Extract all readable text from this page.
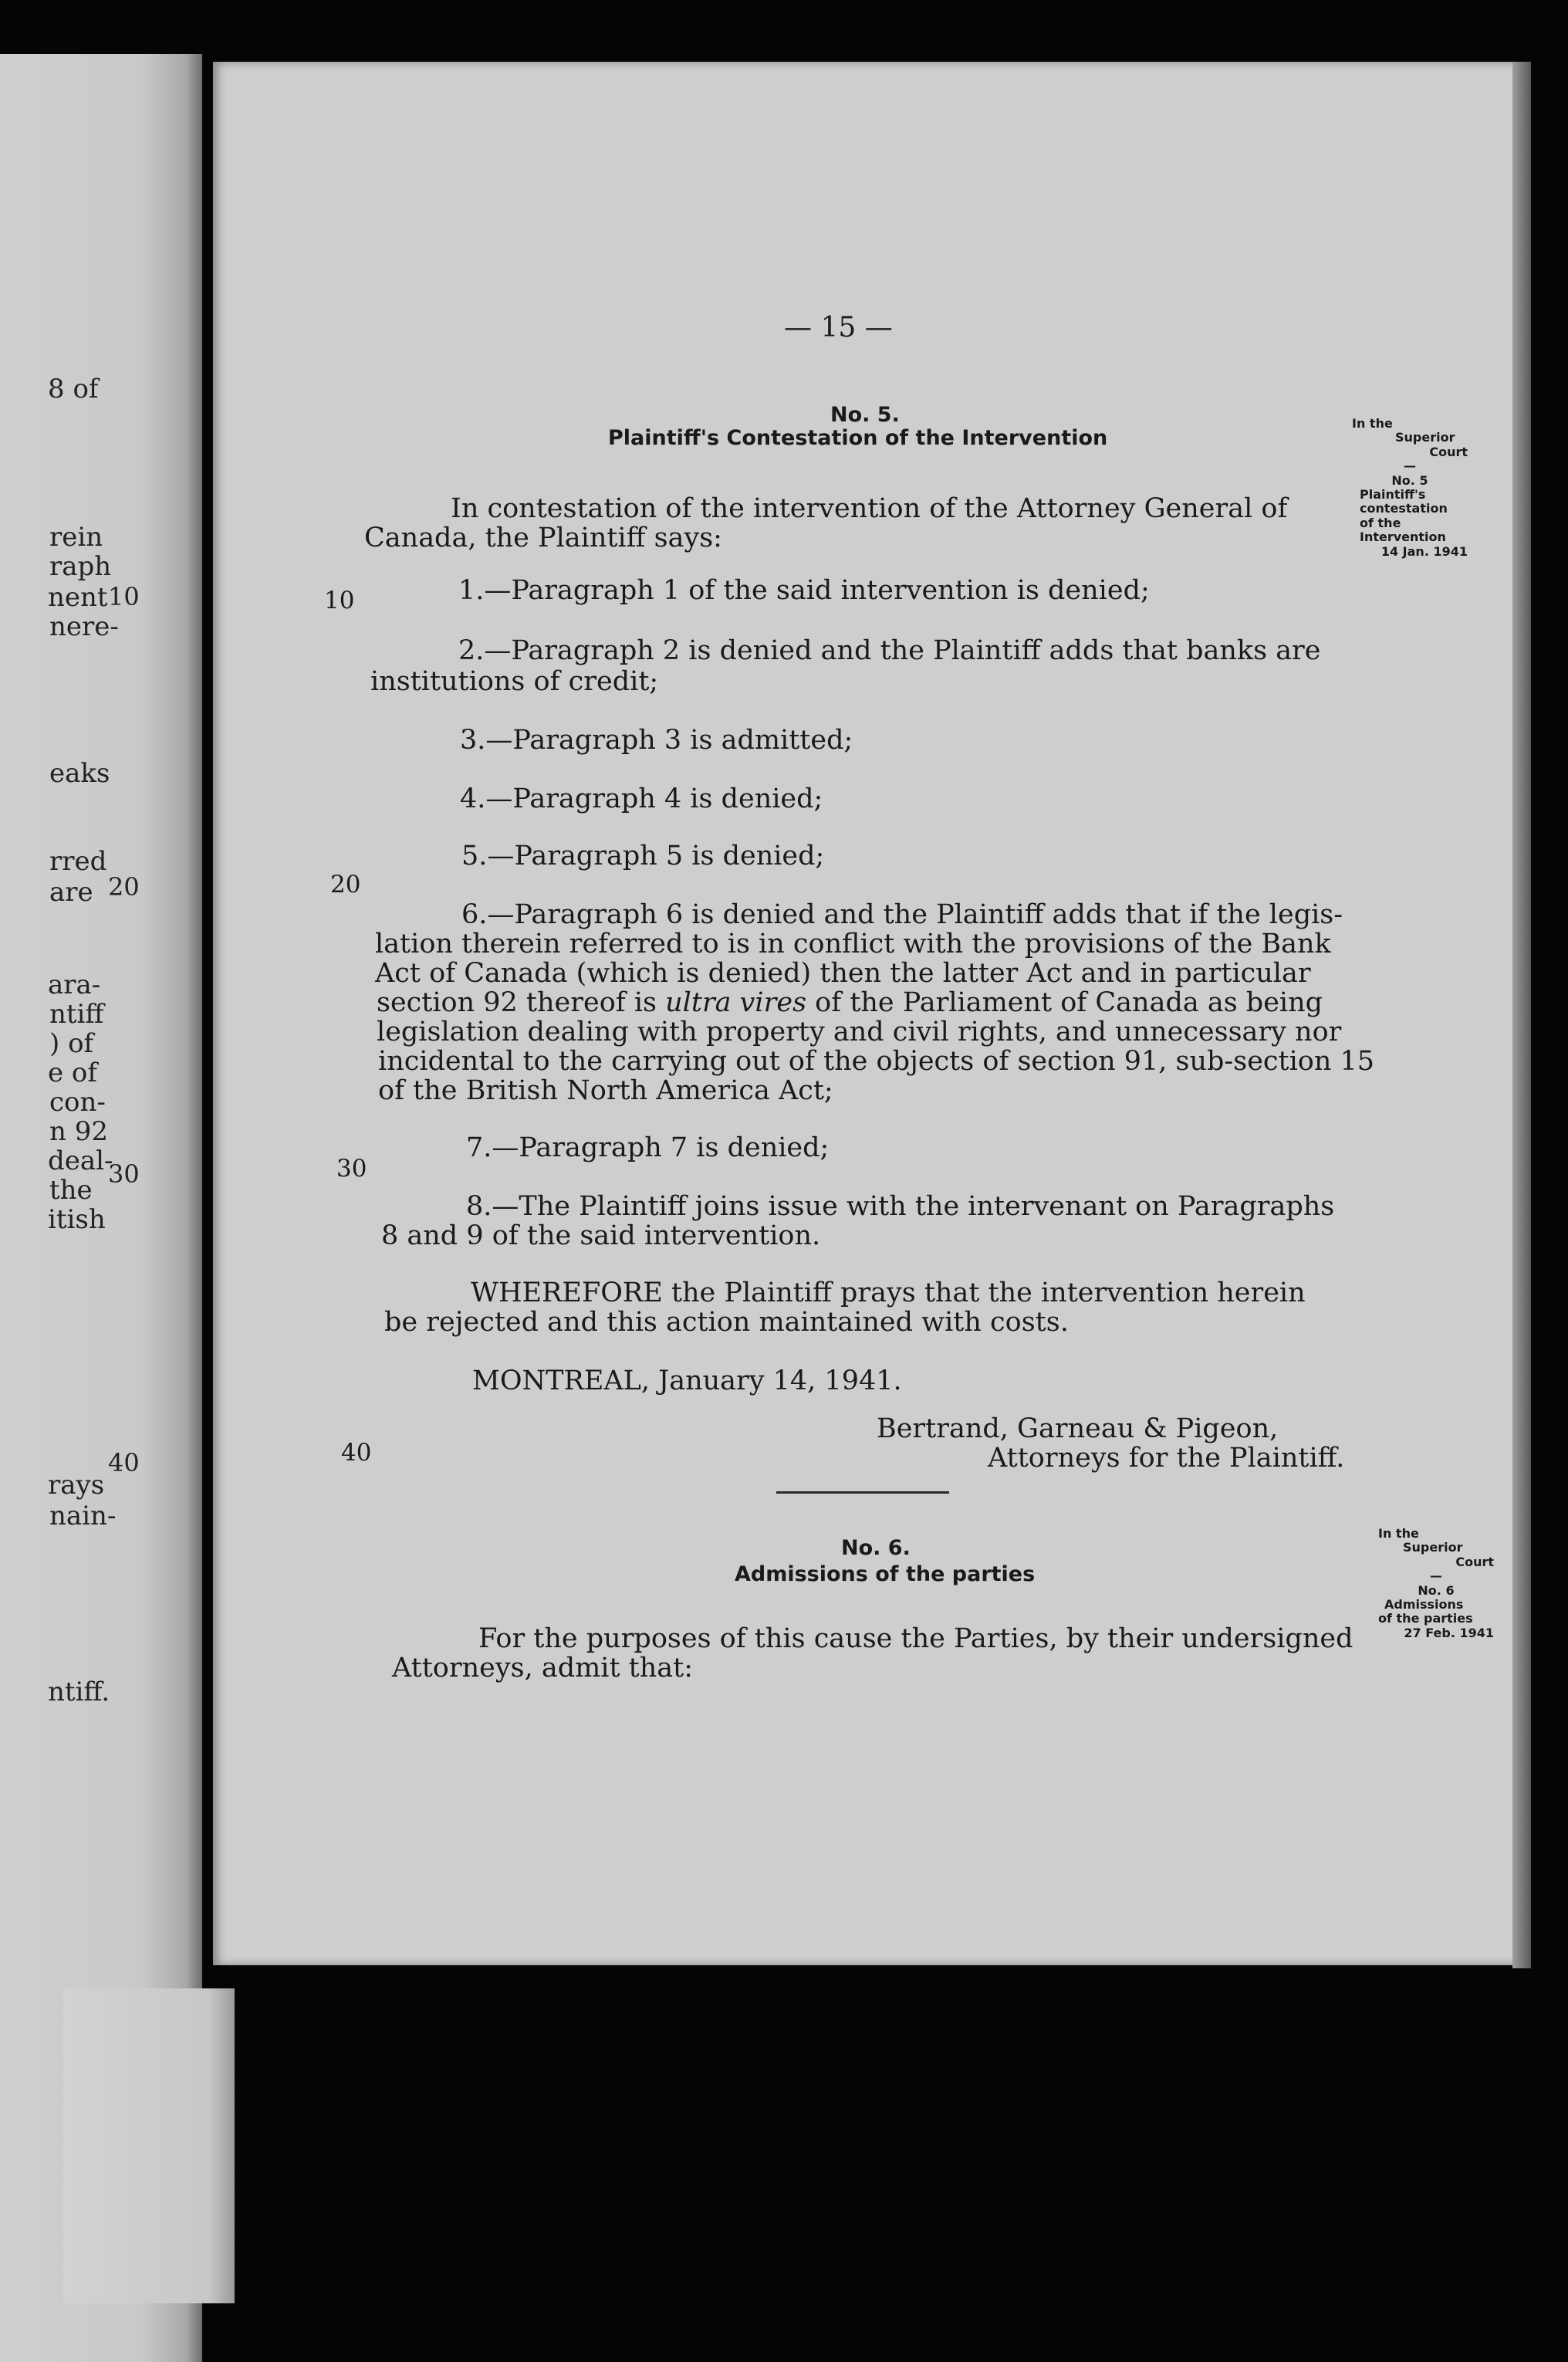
8 of
rein
raph
nent
nere-
eaks
rred
are
ara-
ntiff
) of
e of
con-
n 92
deal-
the
itish
rays
nain-
ntiff.
10
20
30
40
— 15 —
No. 5.
Plaintiff's Contestation of the Intervention
10
20
30
40
In contestation of the intervention of the Attorney General of
Canada, the Plaintiff says:
1.—Paragraph 1 of the said intervention is denied;
2.—Paragraph 2 is denied and the Plaintiff adds that banks are
institutions of credit;
3.—Paragraph 3 is admitted;
4.—Paragraph 4 is denied;
5.—Paragraph 5 is denied;
6.—Paragraph 6 is denied and the Plaintiff adds that if the legis-
lation therein referred to is in conflict with the provisions of the Bank
Act of Canada (which is denied) then the latter Act and in particular
section 92 thereof is ultra vires of the Parliament of Canada as being
legislation dealing with property and civil rights, and unnecessary nor
incidental to the carrying out of the objects of section 91, sub-section 15
of the British North America Act;
7.—Paragraph 7 is denied;
8.—The Plaintiff joins issue with the intervenant on Paragraphs
8 and 9 of the said intervention.
WHEREFORE the Plaintiff prays that the intervention herein
be rejected and this action maintained with costs.
MONTREAL, January 14, 1941.
Bertrand, Garneau & Pigeon,
Attorneys for the Plaintiff.
In the
Superior
Court
—
No. 5
Plaintiff's
contestation
of the
Intervention
14 Jan. 1941
No. 6.
Admissions of the parties
For the purposes of this cause the Parties, by their undersigned
Attorneys, admit that:
In the
Superior
Court
—
No. 6
Admissions
of the parties
27 Feb. 1941
